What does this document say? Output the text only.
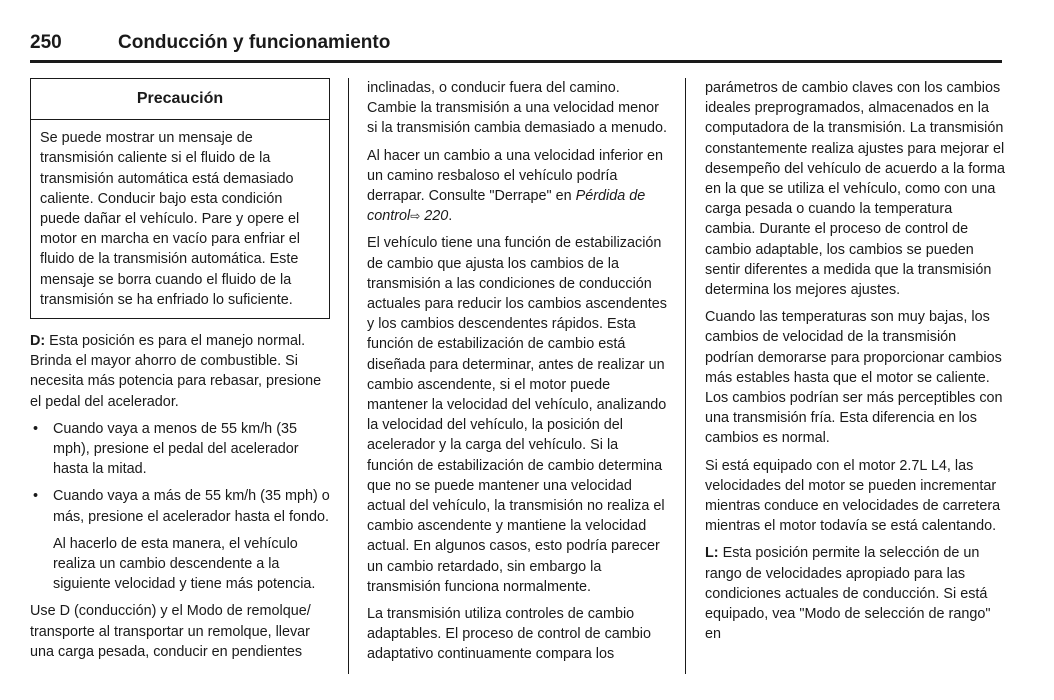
250	Conducción y funcionamiento
Precaución
Se puede mostrar un mensaje de transmisión caliente si el fluido de la transmisión automática está demasiado caliente. Conducir bajo esta condición puede dañar el vehículo. Pare y opere el motor en marcha en vacío para enfriar el fluido de la transmisión automática. Este mensaje se borra cuando el fluido de la transmisión se ha enfriado lo suficiente.

D: Esta posición es para el manejo normal. Brinda el mayor ahorro de combustible. Si necesita más potencia para rebasar, presione el pedal del acelerador.

• Cuando vaya a menos de 55 km/h (35 mph), presione el pedal del acelerador hasta la mitad.
• Cuando vaya a más de 55 km/h (35 mph) o más, presione el acelerador hasta el fondo.

Al hacerlo de esta manera, el vehículo realiza un cambio descendente a la siguiente velocidad y tiene más potencia.

Use D (conducción) y el Modo de remolque/ transporte al transportar un remolque, llevar una carga pesada, conducir en pendientes

inclinadas, o conducir fuera del camino. Cambie la transmisión a una velocidad menor si la transmisión cambia demasiado a menudo.

Al hacer un cambio a una velocidad inferior en un camino resbaloso el vehículo podría derrapar. Consulte "Derrape" en Pérdida de control⇨ 220.

El vehículo tiene una función de estabilización de cambio que ajusta los cambios de la transmisión a las condiciones de conducción actuales para reducir los cambios ascendentes y los cambios descendentes rápidos. Esta función de estabilización de cambio está diseñada para determinar, antes de realizar un cambio ascendente, si el motor puede mantener la velocidad del vehículo, analizando la velocidad del vehículo, la posición del acelerador y la carga del vehículo. Si la función de estabilización de cambio determina que no se puede mantener una velocidad actual del vehículo, la transmisión no realiza el cambio ascendente y mantiene la velocidad actual. En algunos casos, esto podría parecer un cambio retardado, sin embargo la transmisión funciona normalmente.

La transmisión utiliza controles de cambio adaptables. El proceso de control de cambio adaptativo continuamente compara los

parámetros de cambio claves con los cambios ideales preprogramados, almacenados en la computadora de la transmisión. La transmisión constantemente realiza ajustes para mejorar el desempeño del vehículo de acuerdo a la forma en la que se utiliza el vehículo, como con una carga pesada o cuando la temperatura cambia. Durante el proceso de control de cambio adaptable, los cambios se pueden sentir diferentes a medida que la transmisión determina los mejores ajustes.

Cuando las temperaturas son muy bajas, los cambios de velocidad de la transmisión podrían demorarse para proporcionar cambios más estables hasta que el motor se caliente. Los cambios podrían ser más perceptibles con una transmisión fría. Esta diferencia en los cambios es normal.

Si está equipado con el motor 2.7L L4, las velocidades del motor se pueden incrementar mientras conduce en velocidades de carretera mientras el motor todavía se está calentando.

L: Esta posición permite la selección de un rango de velocidades apropiado para las condiciones actuales de conducción. Si está equipado, vea "Modo de selección de rango" en
